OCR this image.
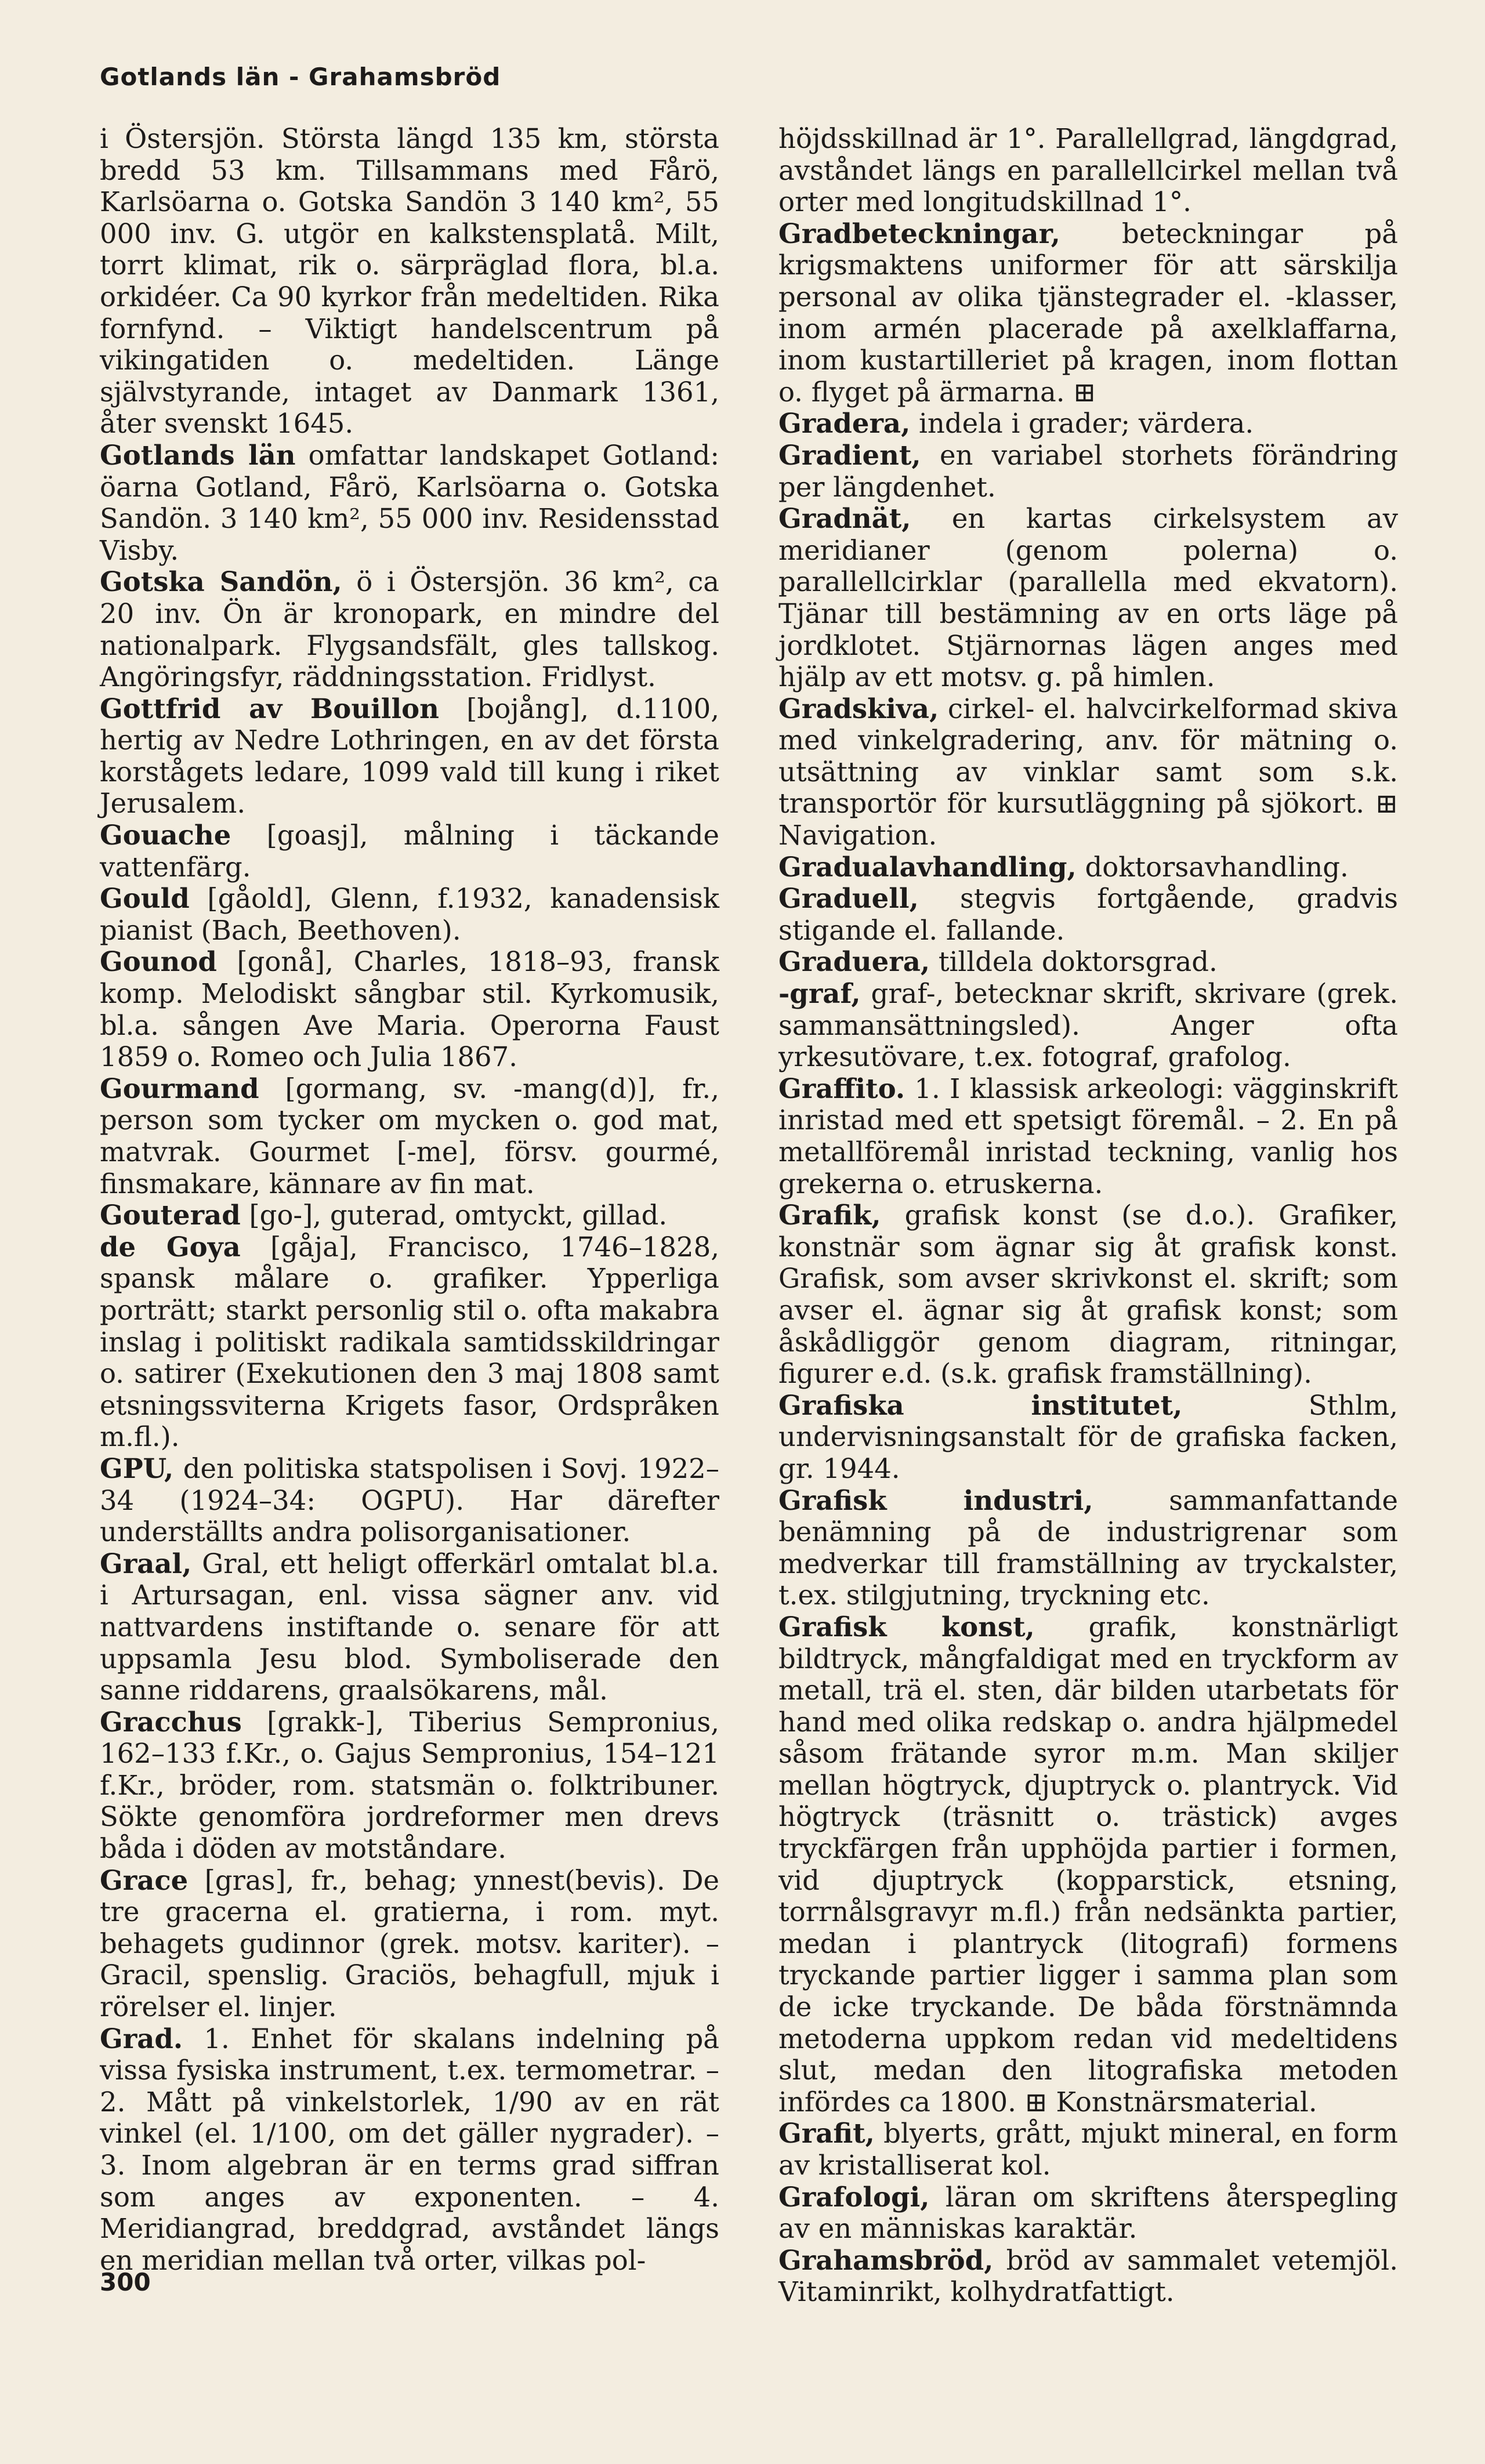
Gotlands län - Grahamsbröd

i Östersjön. Största längd 135 km, största bredd 53 km. Tillsammans med Fårö, Karlsöarna o. Gotska Sandön 3 140 km², 55 000 inv. G. utgör en kalkstensplatå. Milt, torrt klimat, rik o. särpräglad flora, bl.a. orkidéer. Ca 90 kyrkor från medeltiden. Rika fornfynd. – Viktigt handelscentrum på vikingatiden o. medeltiden. Länge självstyrande, intaget av Danmark 1361, åter svenskt 1645.

Gotlands län omfattar landskapet Gotland: öarna Gotland, Fårö, Karlsöarna o. Gotska Sandön. 3 140 km², 55 000 inv. Residensstad Visby.

Gotska Sandön, ö i Östersjön. 36 km², ca 20 inv. Ön är kronopark, en mindre del nationalpark. Flygsandsfält, gles tallskog. Angöringsfyr, räddningsstation. Fridlyst.

Gottfrid av Bouillon [bojång], d.1100, hertig av Nedre Lothringen, en av det första korstågets ledare, 1099 vald till kung i riket Jerusalem.

Gouache [goasj], målning i täckande vattenfärg.

Gould [gåold], Glenn, f.1932, kanadensisk pianist (Bach, Beethoven).

Gounod [gonå], Charles, 1818–93, fransk komp. Melodiskt sångbar stil. Kyrkomusik, bl.a. sången Ave Maria. Operorna Faust 1859 o. Romeo och Julia 1867.

Gourmand [gormang, sv. -mang(d)], fr., person som tycker om mycken o. god mat, matvrak. Gourmet [-me], försv. gourmé, finsmakare, kännare av fin mat.

Gouterad [go-], guterad, omtyckt, gillad.

de Goya [gåja], Francisco, 1746–1828, spansk målare o. grafiker. Ypperliga porträtt; starkt personlig stil o. ofta makabra inslag i politiskt radikala samtidsskildringar o. satirer (Exekutionen den 3 maj 1808 samt etsningssviterna Krigets fasor, Ordspråken m.fl.).

GPU, den politiska statspolisen i Sovj. 1922–34 (1924–34: OGPU). Har därefter underställts andra polisorganisationer.

Graal, Gral, ett heligt offerkärl omtalat bl.a. i Artursagan, enl. vissa sägner anv. vid nattvardens instiftande o. senare för att uppsamla Jesu blod. Symboliserade den sanne riddarens, graalsökarens, mål.

Gracchus [grakk-], Tiberius Sempronius, 162–133 f.Kr., o. Gajus Sempronius, 154–121 f.Kr., bröder, rom. statsmän o. folktribuner. Sökte genomföra jordreformer men drevs båda i döden av motståndare.

Grace [gras], fr., behag; ynnest(bevis). De tre gracerna el. gratierna, i rom. myt. behagets gudinnor (grek. motsv. kariter). – Gracil, spenslig. Graciös, behagfull, mjuk i rörelser el. linjer.

Grad. 1. Enhet för skalans indelning på vissa fysiska instrument, t.ex. termometrar. – 2. Mått på vinkelstorlek, 1/90 av en rät vinkel (el. 1/100, om det gäller nygrader). – 3. Inom algebran är en terms grad siffran som anges av exponenten. – 4. Meridiangrad, breddgrad, avståndet längs en meridian mellan två orter, vilkas pol-

höjdsskillnad är 1°. Parallellgrad, längdgrad, avståndet längs en parallellcirkel mellan två orter med longitudskillnad 1°.

Gradbeteckningar, beteckningar på krigsmaktens uniformer för att särskilja personal av olika tjänstegrader el. -klasser, inom armén placerade på axelklaffarna, inom kustartilleriet på kragen, inom flottan o. flyget på ärmarna. ⊞

Gradera, indela i grader; värdera.

Gradient, en variabel storhets förändring per längdenhet.

Gradnät, en kartas cirkelsystem av meridianer (genom polerna) o. parallellcirklar (parallella med ekvatorn). Tjänar till bestämning av en orts läge på jordklotet. Stjärnornas lägen anges med hjälp av ett motsv. g. på himlen.

Gradskiva, cirkel- el. halvcirkelformad skiva med vinkelgradering, anv. för mätning o. utsättning av vinklar samt som s.k. transportör för kursutläggning på sjökort. ⊞ Navigation.

Gradualavhandling, doktorsavhandling.

Graduell, stegvis fortgående, gradvis stigande el. fallande.

Graduera, tilldela doktorsgrad.

-graf, graf-, betecknar skrift, skrivare (grek. sammansättningsled). Anger ofta yrkesutövare, t.ex. fotograf, grafolog.

Graffito. 1. I klassisk arkeologi: vägginskrift inristad med ett spetsigt föremål. – 2. En på metallföremål inristad teckning, vanlig hos grekerna o. etruskerna.

Grafik, grafisk konst (se d.o.). Grafiker, konstnär som ägnar sig åt grafisk konst. Grafisk, som avser skrivkonst el. skrift; som avser el. ägnar sig åt grafisk konst; som åskådliggör genom diagram, ritningar, figurer e.d. (s.k. grafisk framställning).

Grafiska institutet, Sthlm, undervisningsanstalt för de grafiska facken, gr. 1944.

Grafisk industri, sammanfattande benämning på de industrigrenar som medverkar till framställning av tryckalster, t.ex. stilgjutning, tryckning etc.

Grafisk konst, grafik, konstnärligt bildtryck, mångfaldigat med en tryckform av metall, trä el. sten, där bilden utarbetats för hand med olika redskap o. andra hjälpmedel såsom frätande syror m.m. Man skiljer mellan högtryck, djuptryck o. plantryck. Vid högtryck (träsnitt o. trästick) avges tryckfärgen från upphöjda partier i formen, vid djuptryck (kopparstick, etsning, torrnålsgravyr m.fl.) från nedsänkta partier, medan i plantryck (litografi) formens tryckande partier ligger i samma plan som de icke tryckande. De båda förstnämnda metoderna uppkom redan vid medeltidens slut, medan den litografiska metoden infördes ca 1800. ⊞ Konstnärsmaterial.

Grafit, blyerts, grått, mjukt mineral, en form av kristalliserat kol.

Grafologi, läran om skriftens återspegling av en människas karaktär.

Grahamsbröd, bröd av sammalet vetemjöl. Vitaminrikt, kolhydratfattigt.

300
